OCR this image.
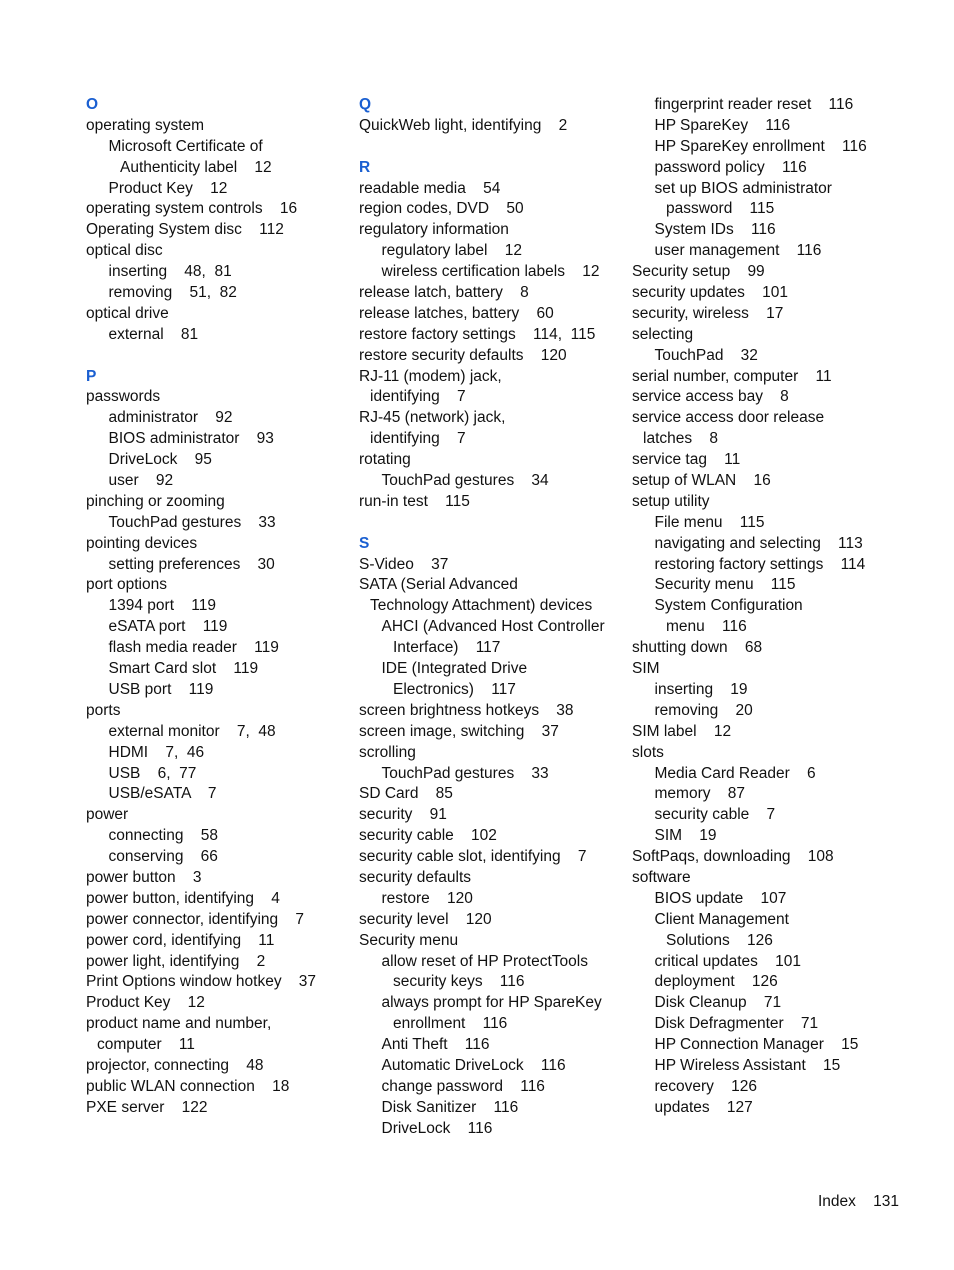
O
operating system
Microsoft Certificate of
Authenticity label    12
Product Key    12
operating system controls    16
Operating System disc    112
optical disc
inserting    48,  81
removing    51,  82
optical drive
external    81
P
passwords
administrator    92
BIOS administrator    93
DriveLock    95
user    92
pinching or zooming
TouchPad gestures    33
pointing devices
setting preferences    30
port options
1394 port    119
eSATA port    119
flash media reader    119
Smart Card slot    119
USB port    119
ports
external monitor    7,  48
HDMI    7,  46
USB    6,  77
USB/eSATA    7
power
connecting    58
conserving    66
power button    3
power button, identifying    4
power connector, identifying    7
power cord, identifying    11
power light, identifying    2
Print Options window hotkey    37
Product Key    12
product name and number,
computer    11
projector, connecting    48
public WLAN connection    18
PXE server    122
Q
QuickWeb light, identifying    2
R
readable media    54
region codes, DVD    50
regulatory information
regulatory label    12
wireless certification labels    12
release latch, battery    8
release latches, battery    60
restore factory settings    114,  115
restore security defaults    120
RJ-11 (modem) jack,
identifying    7
RJ-45 (network) jack,
identifying    7
rotating
TouchPad gestures    34
run-in test    115
S
S-Video    37
SATA (Serial Advanced
Technology Attachment) devices
AHCI (Advanced Host Controller
Interface)    117
IDE (Integrated Drive
Electronics)    117
screen brightness hotkeys    38
screen image, switching    37
scrolling
TouchPad gestures    33
SD Card    85
security    91
security cable    102
security cable slot, identifying    7
security defaults
restore    120
security level    120
Security menu
allow reset of HP ProtectTools
security keys    116
always prompt for HP SpareKey
enrollment    116
Anti Theft    116
Automatic DriveLock    116
change password    116
Disk Sanitizer    116
DriveLock    116
fingerprint reader reset    116
HP SpareKey    116
HP SpareKey enrollment    116
password policy    116
set up BIOS administrator
password    115
System IDs    116
user management    116
Security setup    99
security updates    101
security, wireless    17
selecting
TouchPad    32
serial number, computer    11
service access bay    8
service access door release
latches    8
service tag    11
setup of WLAN    16
setup utility
File menu    115
navigating and selecting    113
restoring factory settings    114
Security menu    115
System Configuration
menu    116
shutting down    68
SIM
inserting    19
removing    20
SIM label    12
slots
Media Card Reader    6
memory    87
security cable    7
SIM    19
SoftPaqs, downloading    108
software
BIOS update    107
Client Management
Solutions    126
critical updates    101
deployment    126
Disk Cleanup    71
Disk Defragmenter    71
HP Connection Manager    15
HP Wireless Assistant    15
recovery    126
updates    127
Index    131
